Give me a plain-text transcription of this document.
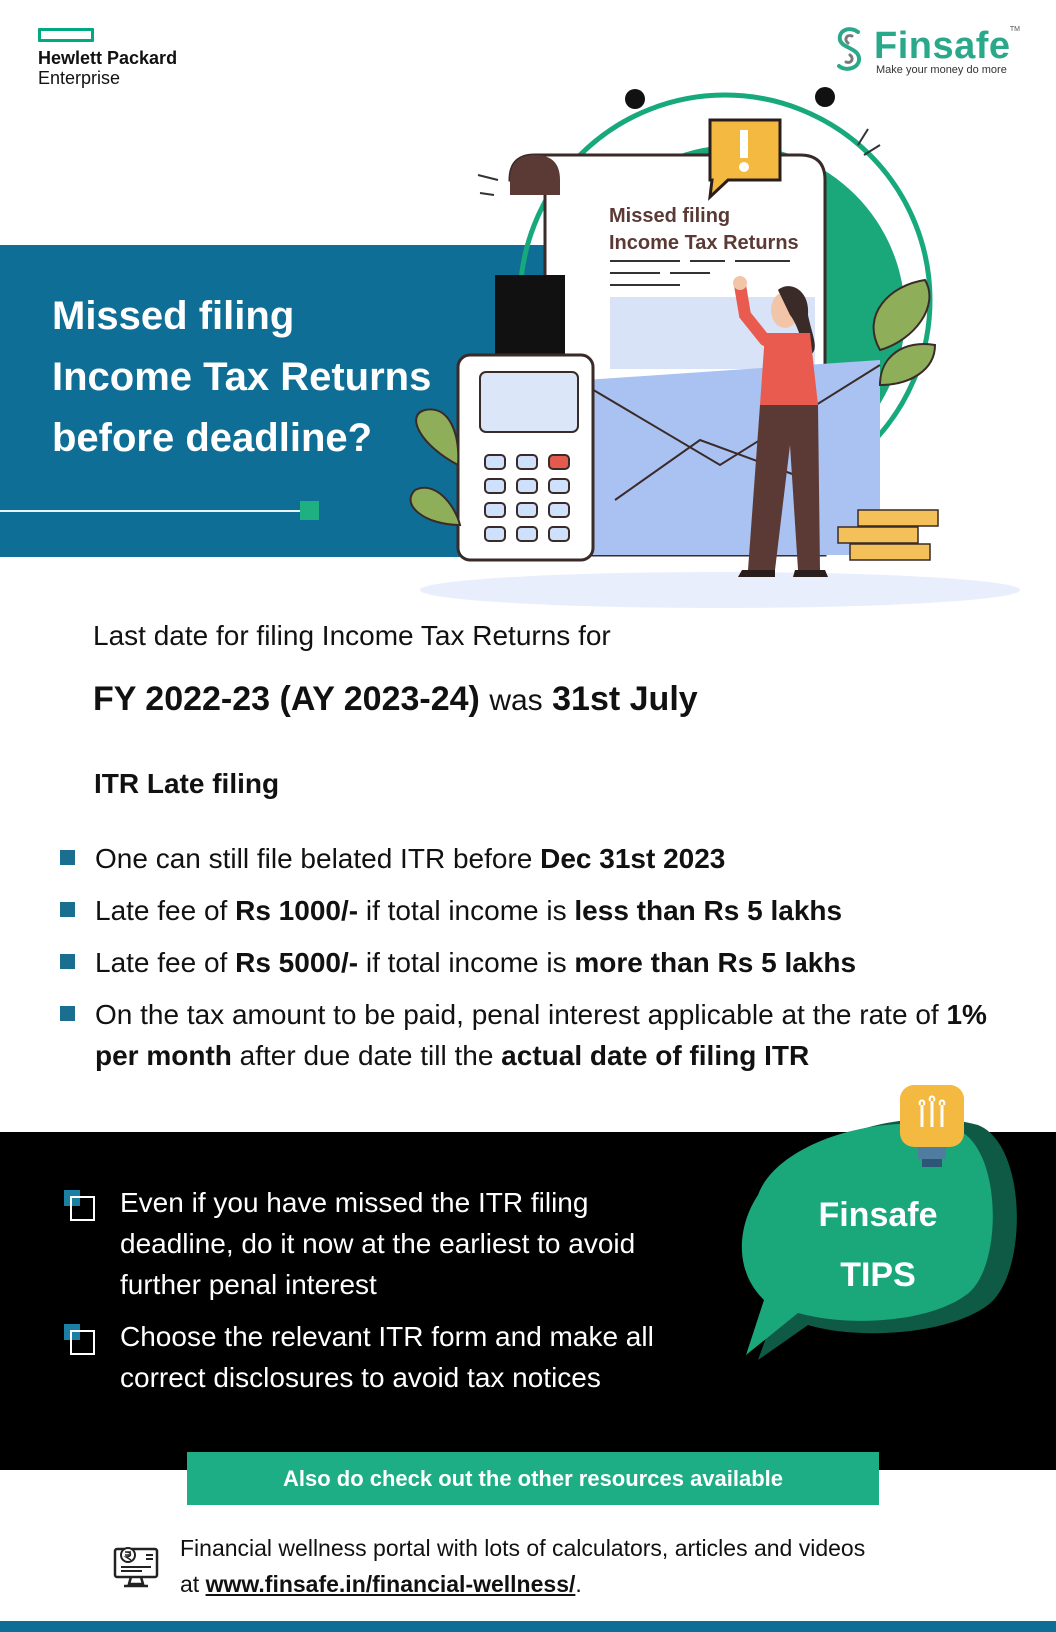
Hewlett Packard
Enterprise
Finsafe TM
Make your money do more
Missed filing
Income Tax Returns
before deadline?
Missed filing
Income Tax Returns
Last date for filing Income Tax Returns for
FY 2022-23 (AY 2023-24) was 31st July
ITR Late filing
One can still file belated ITR before Dec 31st 2023
Late fee of Rs 1000/- if total income is less than Rs 5 lakhs
Late fee of Rs 5000/- if total income is more than Rs 5 lakhs
On the tax amount to be paid, penal interest applicable at the rate of 1% per month after due date till the actual date of filing ITR
Even if you have missed the ITR filing deadline, do it now at the earliest to avoid further penal interest
Choose the relevant ITR form and make all correct disclosures to avoid tax notices
Finsafe
TIPS
Also do check out the other resources available
Financial wellness portal with lots of calculators, articles and videos
at www.finsafe.in/financial-wellness/.
